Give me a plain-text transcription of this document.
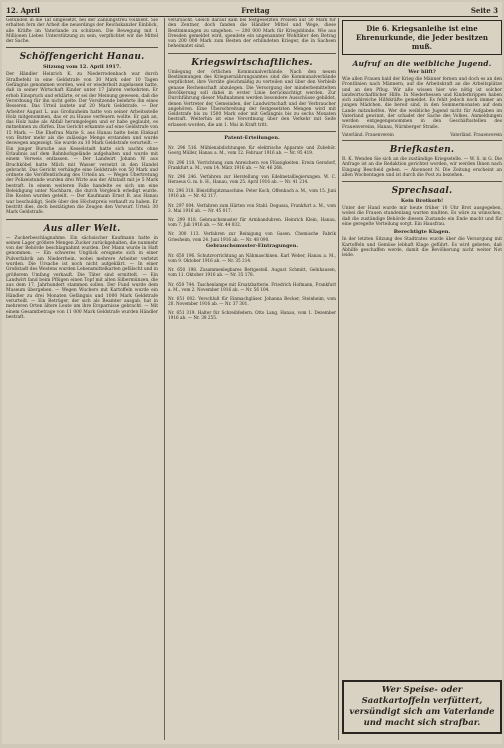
12. April	Freitag	Seite 3

Gefunden in die Tat umgesetzt, bei der Zahlungstreu vollzieht. Sie erhalten fern der Arbeit die neuerdings der Reichskanzler Einblick, alle Kräfte im Vaterlande zu schützen. Die Bewegung mit 1 Millionen Liebes Unterstützung zu sein, verpflichtet wir die Mittel der Sache.

Schöffengericht Hanau.
Sitzung vom 12. April 1917.

Der Händler Heinrich K. zu Niederrodenbach war durch Strafbefehl in eine Geldstrafe von 30 Mark oder 10 Tagen Gefängnis genommen worden, weil er wiederholt zugelassen hatte, daß in seiner Wirtschaft Kinder unter 17 Jahren verkehrten. Er erhob Einspruch und erklärte, er sei der Meinung gewesen, daß die Verordnung für ihn nicht gelte. Der Vorsitzende belehrte ihn eines Besseren. Das Urteil lautete auf 20 Mark Geldstrafe. — Der Arbeiter August L. aus Großauheim hatte von seiner Arbeitsstelle Holz mitgenommen, das er zu Hause verfeuern wollte. Er gab an, das Holz habe als Abfall herumgelegen und er habe geglaubt, es mitnehmen zu dürfen. Das Gericht erkannte auf eine Geldstrafe von 15 Mark. — Die Ehefrau Marie S. aus Hanau hatte beim Einkauf von Butter mehr als die zulässige Menge erstanden und wurde deswegen angezeigt. Sie wurde zu 10 Mark Geldstrafe verurteilt. — Ein junger Bursche aus Kesselstadt hatte sich nachts ohne Erlaubnis auf dem Bahnhofsgelände aufgehalten und wurde mit einem Verweis entlassen. — Der Landwirt Johann W. aus Bruchköbel hatte Milch mit Wasser versetzt in den Handel gebracht. Das Gericht verhängte eine Geldstrafe von 50 Mark und ordnete die Veröffentlichung des Urteils an. — Wegen Übertretung der Polizeistunde wurden drei Wirte aus der Altstadt mit je 5 Mark bestraft. In einem weiteren Falle handelte es sich um eine Beleidigung unter Nachbarn, die durch Vergleich erledigt wurde. Die Kosten wurden geteilt. — Der Kaufmann Ernst B. aus Hanau war beschuldigt, Seife über den Höchstpreis verkauft zu haben. Er bestritt dies, doch bestätigten die Zeugen den Vorwurf. Urteil: 30 Mark Geldstrafe.

Aus aller Welt.

— Zuckerbeschlagnahme. Ein sächsischer Kaufmann hatte in seinen Lager größere Mengen Zucker zurückgehalten, die nunmehr von der Behörde beschlagnahmt wurden. Der Mann wurde in Haft genommen. — Ein schweres Unglück ereignete sich in einer Pulverfabrik am Niederrhein, wobei mehrere Arbeiter verletzt wurden. Die Ursache ist noch nicht aufgeklärt. — In einer Großstadt des Westens wurden Lebensmittelkarten gefälscht und in größerem Umfang verkauft. Die Täter sind ermittelt. — Ein Landwirt fand beim Pflügen einen Topf mit alten Silbermünzen, die aus dem 17. Jahrhundert stammen sollen. Der Fund wurde dem Museum übergeben. — Wegen Wuchers mit Kartoffeln wurde ein Händler zu drei Monaten Gefängnis und 1000 Mark Geldstrafe verurteilt. — Ein Betrüger, der sich als Beamter ausgab, hat in mehreren Orten ältere Leute um ihre Ersparnisse gebracht. — Mit einem Gesamtbetrage von 11 000 Mark Geldstrafe wurden Händler bestraft.

verursacht. Gleich darauf kam bei festgesetzten Preisen auf 50 Mark für den Zentner, doch fanden die Händler Mittel und Wege, diese Bestimmungen zu umgehen. — 200 000 Mark für Kriegsblinde. Wie aus Dresden gemeldet wird, spendete ein ungenannter Wohltäter den Betrag von 200 000 Mark zum Besten der erblindeten Krieger, die in Sachsen beheimatet sind.

Kriegswirtschaftliches.

Umlegung der örtlichen Kommunalverbände. Nach den neuen Bestimmungen des Kriegsernährungsamtes sind die Kommunalverbände verpflichtet, ihre Vorräte gleichmäßig zu verteilen und über den Verbleib genaue Rechenschaft abzulegen. Die Versorgung der minderbemittelten Bevölkerung soll dabei in erster Linie berücksichtigt werden. Zur Durchführung dieser Maßnahmen werden besondere Ausschüsse gebildet, denen Vertreter der Gemeinden, der Landwirtschaft und der Verbraucher angehören. Eine Überschreitung der festgesetzten Mengen wird mit Geldstrafe bis zu 1500 Mark oder mit Gefängnis bis zu sechs Monaten bestraft. Weiterhin ist eine Verordnung über den Verkehr mit Seife erlassen worden, die am 1. Mai in Kraft tritt.

Patent-Erteilungen.

Nr. 296 516. Mühlenabdichtungen für elektrische Apparate und Zubehör. Georg Müller, Hanau a. M., vom 12. Februar 1916 ab. — Nr. 95 419.

Nr. 296 118. Vorrichtung zum Anreichern von Flüssigkeiten. Erwin Gersdorf, Frankfurt a. M., vom 14. März 1916 ab. — Nr. 46 268.

Nr. 296 246. Verfahren zur Herstellung von Edelmetalllegierungen. W. C. Heraeus G. m. b. H., Hanau, vom 25. April 1916 ab. — Nr. 41 214.

Nr. 296 318. Bleistiftspitzmaschine. Peter Koch, Offenbach a. M., vom 15. Juni 1916 ab. — Nr. 42 117.

Nr. 297 004. Verfahren zum Härten von Stahl. Degussa, Frankfurt a. M., vom 3. Mai 1916 ab. — Nr. 45 017.

Nr. 299 018. Gebrauchsmuster für Armbanduhren. Heinrich Klein, Hanau, vom 7. Juli 1916 ab. — Nr. 44 032.

Nr. 300 113. Verfahren zur Reinigung von Gasen. Chemische Fabrik Griesheim, vom 24. Juni 1916 ab. — Nr. 48 090.

Gebrauchsmuster-Eintragungen.

Nr. 650 196. Schutzvorrichtung an Nähmaschinen. Karl Weber, Hanau a. M., vom 9. Oktober 1916 ab. — Nr. 35 214.

Nr. 650 198. Zusammenlegbares Bettgestell. August Schmitt, Gelnhausen, vom 11. Oktober 1916 ab. — Nr. 35 178.

Nr. 650 744. Taschenlampe mit Ersatzbatterie. Friedrich Hofmann, Frankfurt a. M., vom 2. November 1916 ab. — Nr. 56 104.

Nr. 651 002. Verschluß für Einmachgläser. Johanna Becker, Steinheim, vom 20. November 1916 ab. — Nr. 37 301.

Nr. 651 319. Halter für Schreibfedern. Otto Lang, Hanau, vom 1. Dezember 1916 ab. — Nr. 38 255.

Die 6. Kriegsanleihe ist eine Ehrenurkunde, die Jeder besitzen muß.
Aufruf an die weibliche Jugend.
Wer hilft?

Wie allen Frauen bald der Krieg die Männer fernen und doch es an den Frontlinien nach Männern, auf die Arbeitskraft an die Arbeitsplätze und an den Pflug. Wir alle wissen hier wie nötig ist solcher landwirtschaftlicher Hilfe. In Niederhessen und Kinderkrippen haben sich zahlreiche Hilfskräfte gemeldet. Es fehlt jedoch noch immer an jungen Mädchen, die bereit sind, in den Sommermonaten auf dem Lande mitzuhelfen. Wer die weibliche Jugend nicht für Aufgaben im Vaterland gewinnt, der schadet der Sache des Volkes. Anmeldungen werden entgegengenommen in den Geschäftsstellen des Frauenvereins, Hanau, Nürnberger Straße.

Vaterländ. Frauenverein	Vaterländ. Frauenverein
Briefkasten.

R. K. Wenden Sie sich an die zuständige Kriegsstelle. — W. S. in G. Die Anfrage ist an die Redaktion gerichtet worden, wir werden Ihnen nach Eingang Bescheid geben. — Abonnent N. Die Zeitung erscheint an allen Wochentagen und ist durch die Post zu beziehen.

Sprechsaal.
Kein Brotkorb!

Unter der Hand wurde mir heute früher 10 Uhr Brot ausgegeben, wobei die Frauen stundenlang warten mußten. Es wäre zu wünschen, daß die zuständige Behörde diesem Zustande ein Ende macht und für eine geregelte Verteilung sorgt. Ein Hausfrau.

Berechtigte Klagen.

In der letzten Sitzung des Stadtrates wurde über die Versorgung mit Kartoffeln und Gemüse lebhaft Klage geführt. Es wird gebeten, daß Abhilfe geschaffen werde, damit die Bevölkerung nicht weiter Not leide.

Wer Speise- oder Saatkartoffeln verfüttert, versündigt sich am Vaterlande und macht sich strafbar.
